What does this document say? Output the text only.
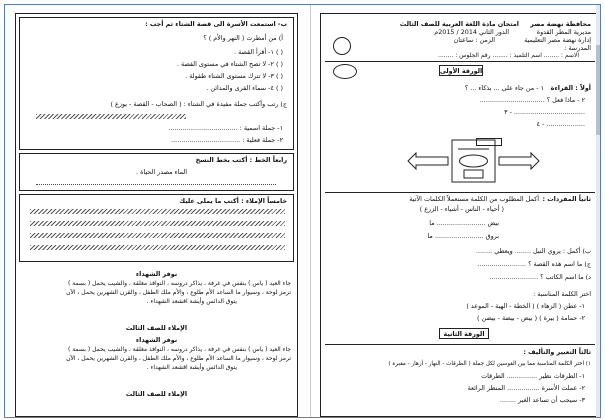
ب- استمعت الأسرة الى قصة الشتاء ثم أجب :
أ) من أمطرت ( النهر والأم ) ؟
( ) ١- أقرأ القصة .
( ) ٢- لا تصح الشتاء في مستوى القصة .
( ) ٣- لا تترك مستوى الشتاء طفولة .
( ) ٤- سماء القرى والمدائن .
ج) رتب وأكتب جملة مفيدة في الشتاء : ( الصحاب - القصة - يوزع )
١- جملة اسمية : ..................................
٢- جملة فعلية : ..................................
رابعاً الخط : أكتب بخط النسخ
الماء مصدر الحياة .
خامساً الإملاء : أكتب ما يملى عليك
نوفر الشهداء
جاء العيد ( ياس ) بنفس في غرفة ، يذاكر دروسه ، النوافذ مغلقة ، والشيب يحمل ( بسمة )
ترمز لوحة ، وسيوار ما الساعد الأم طلوع ، والأم ملك الطفل ، والقرن الشهرين يحمل ، الآن
يتوق الدائس وأيشة اقشعد الشهداء .
الإملاء للصف الثالث
نوفر الشهداء
جاء العيد ( ياس ) بنفس في غرفة ، يذاكر دروسه ، النوافذ مغلقة ، والشيب يحمل ( بسمة )
ترمز لوحة ، وسيوار ما الساعد الأم طلوع ، والأم ملك الطفل ، والقرن الشهرين يحمل ، الآن
يتوق الدائس وأيشة اقشعد الشهداء .
الإملاء للصف الثالث
محافظة نهضة مصر
مديرية المطر القدوة
إدارة نهضة مصر التعليمية
المدرسة :
امتحان مادة اللغة العربية للصف الثالث
الدور الثاني 2014 / 2015م
الزمن : ساعتان
الاسم : ........ اسم التلميذ : ........ رقم الجلوس : ........
الورقة الأولى
أولاً : القراءة
١ - من جاء على ... بذكاء ... ؟
٢ - ماذا فعل ؟ ................................
٣ - ...................................
٤ - ...................
ثانياً المفردات :
أكمل المطلوب من الكلمة مستعملاً الكلمات الآتية
( أحياء - الناس - أشياء - الزرع )
بيض ........................ ما
بروق ........................ ما
ب) أكمل : يروي النيل ........ ويعطي ........
ج) ما اسم هذه القصة ؟ ........................
د) ما اسم الكاتب ؟ ........................
اختر الكلمة المناسبة :
١- عطن ( الزهاء ) ( الخطة - الهية - الموعد )
٢- حمامة ( بيرة ) ( بيض - بيضة - بيضن )
الورقة الثانية
ثالثاً التعبير والتأليف :
١) اختر الكلمة المناسبة مما بين القوسين لكل جملة ( الطرقات - النهار - أزهار - مقبرة )
١- الطرقات نظير ............... الطرقات
٢- عملت الأسرة ................ المنظر الرائعة
٣- سيجب أن تساعد الغير ........
